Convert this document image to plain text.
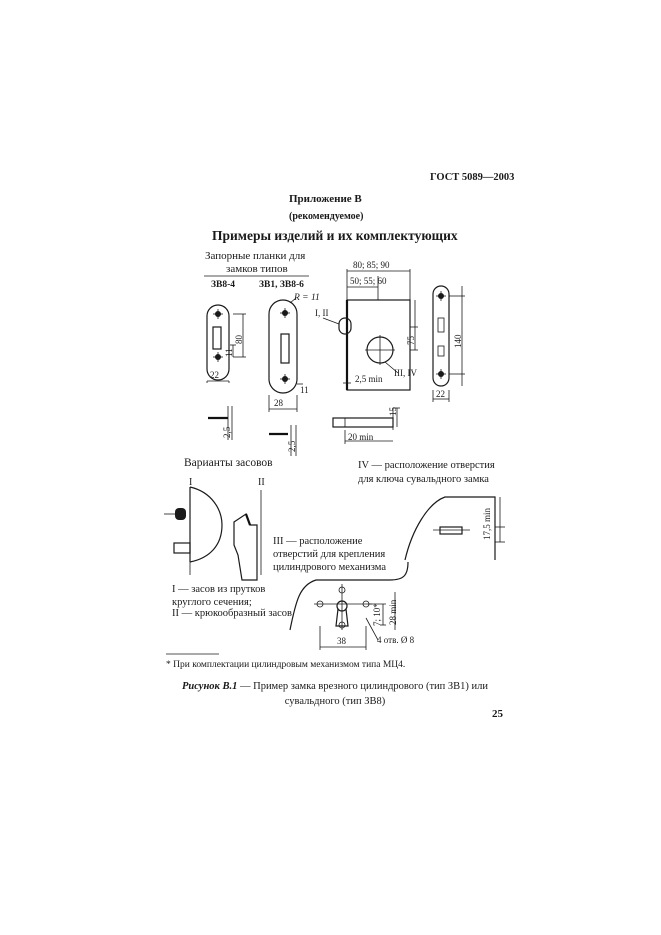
ГОСТ 5089—2003
Приложение В
(рекомендуемое)
Примеры изделий и их комплектующих
Запорные планки для
замков типов
ЗВ8-4	ЗВ1, ЗВ8-6
R = 11
Варианты засовов
I	II
IV — расположение отверстия для ключа сувальдного замка
III — расположение отверстий для крепления цилиндрового механизма
I — засов из прутков круглого сечения;
II — крюкообразный засов
* При комплектации цилиндровым механизмом типа МЦ4.
Рисунок В.1 — Пример замка врезного цилиндрового (тип ЗВ1) или сувальдного (тип ЗВ8)
25
80
11
22
28
11
2,5
2,5
80; 85; 90
50; 55; 60
I, II
III, IV
75
2,5 min
15
20 min
140
22
17,5 min
7; 10* 28 min
38	4 отв. Ø 8
